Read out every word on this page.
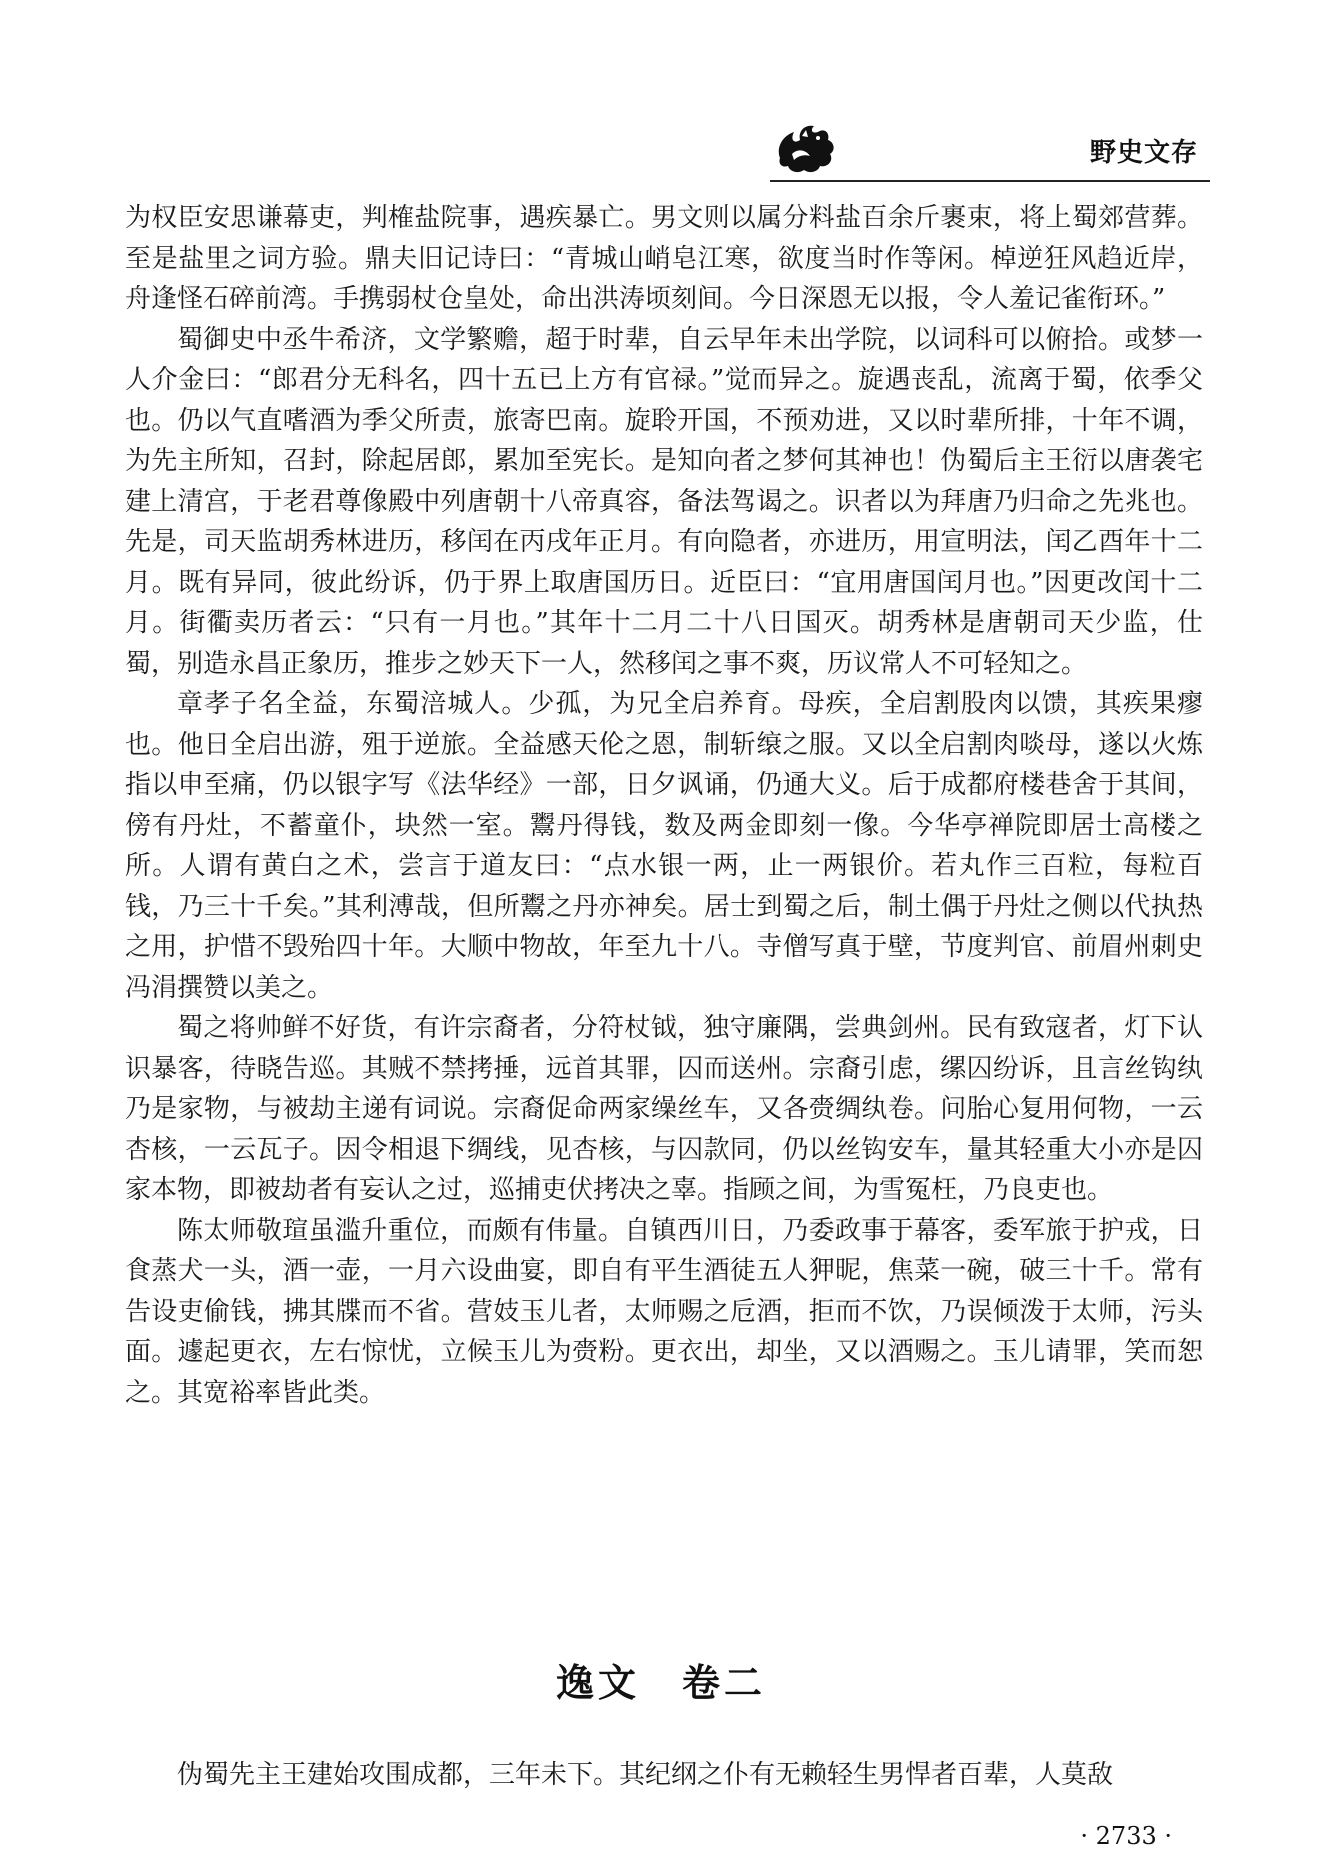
野史文存

为权臣安思谦幕吏，判榷盐院事，遇疾暴亡。男文则以属分料盐百余斤裹束，将上蜀郊营葬。至是盐里之词方验。鼎夫旧记诗曰：“青城山峭皂江寒，欲度当时作等闲。棹逆狂风趋近岸，舟逢怪石碎前湾。手携弱杖仓皇处，命出洪涛顷刻间。今日深恩无以报，令人羞记雀衔环。”

蜀御史中丞牛希济，文学繁赡，超于时辈，自云早年未出学院，以词科可以俯拾。或梦一人介金曰：“郎君分无科名，四十五已上方有官禄。”觉而异之。旋遇丧乱，流离于蜀，依季父也。仍以气直嗜酒为季父所责，旅寄巴南。旋聆开国，不预劝进，又以时辈所排，十年不调，为先主所知，召封，除起居郎，累加至宪长。是知向者之梦何其神也！伪蜀后主王衍以唐袭宅建上清宫，于老君尊像殿中列唐朝十八帝真容，备法驾谒之。识者以为拜唐乃归命之先兆也。先是，司天监胡秀林进历，移闰在丙戌年正月。有向隐者，亦进历，用宣明法，闰乙酉年十二月。既有异同，彼此纷诉，仍于界上取唐国历日。近臣曰：“宜用唐国闰月也。”因更改闰十二月。街衢卖历者云：“只有一月也。”其年十二月二十八日国灭。胡秀林是唐朝司天少监，仕蜀，别造永昌正象历，推步之妙天下一人，然移闰之事不爽，历议常人不可轻知之。

章孝子名全益，东蜀涪城人。少孤，为兄全启养育。母疾，全启割股肉以馈，其疾果瘳也。他日全启出游，殂于逆旅。全益感天伦之恩，制斩缞之服。又以全启割肉啖母，遂以火炼指以申至痛，仍以银字写《法华经》一部，日夕讽诵，仍通大义。后于成都府楼巷舍于其间，傍有丹灶，不蓄童仆，块然一室。鬻丹得钱，数及两金即刻一像。今华亭禅院即居士高楼之所。人谓有黄白之术，尝言于道友曰：“点水银一两，止一两银价。若丸作三百粒，每粒百钱，乃三十千矣。”其利溥哉，但所鬻之丹亦神矣。居士到蜀之后，制土偶于丹灶之侧以代执热之用，护惜不毁殆四十年。大顺中物故，年至九十八。寺僧写真于壁，节度判官、前眉州刺史冯涓撰赞以美之。

蜀之将帅鲜不好货，有许宗裔者，分符杖钺，独守廉隅，尝典剑州。民有致寇者，灯下认识暴客，待晓告巡。其贼不禁拷捶，远首其罪，囚而送州。宗裔引虑，缧囚纷诉，且言丝钩纨乃是家物，与被劫主递有词说。宗裔促命两家缲丝车，又各赍绸纨卷。问胎心复用何物，一云杏核，一云瓦子。因令相退下绸线，见杏核，与囚款同，仍以丝钩安车，量其轻重大小亦是囚家本物，即被劫者有妄认之过，巡捕吏伏拷决之辜。指顾之间，为雪冤枉，乃良吏也。

陈太师敬瑄虽滥升重位，而颇有伟量。自镇西川日，乃委政事于幕客，委军旅于护戎，日食蒸犬一头，酒一壶，一月六设曲宴，即自有平生酒徒五人狎昵，焦菜一碗，破三十千。常有告设吏偷钱，拂其牒而不省。营妓玉儿者，太师赐之卮酒，拒而不饮，乃误倾泼于太师，污头面。遽起更衣，左右惊忧，立候玉儿为赍粉。更衣出，却坐，又以酒赐之。玉儿请罪，笑而恕之。其宽裕率皆此类。

逸文　卷二

伪蜀先主王建始攻围成都，三年未下。其纪纲之仆有无赖轻生男悍者百辈，人莫敌

· 2733 ·
